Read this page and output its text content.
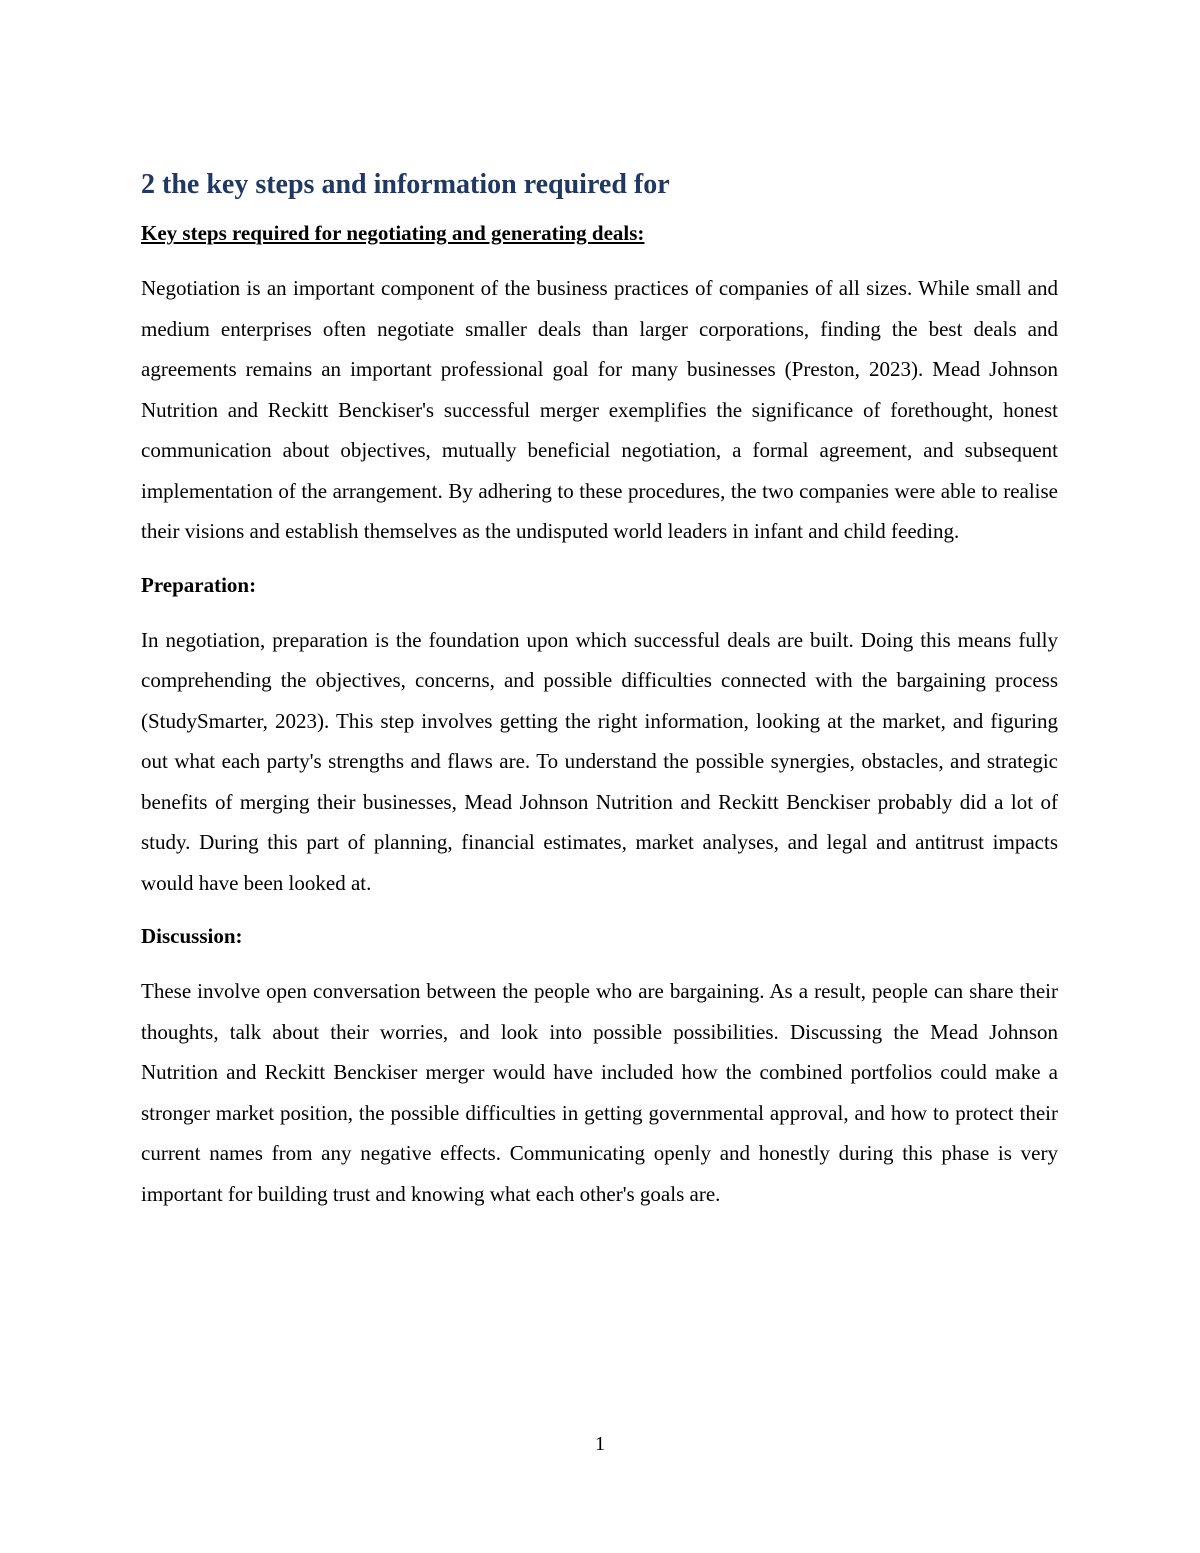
2 the key steps and information required for
Key steps required for negotiating and generating deals:

Negotiation is an important component of the business practices of companies of all sizes. While small and medium enterprises often negotiate smaller deals than larger corporations, finding the best deals and agreements remains an important professional goal for many businesses (Preston, 2023). Mead Johnson Nutrition and Reckitt Benckiser's successful merger exemplifies the significance of forethought, honest communication about objectives, mutually beneficial negotiation, a formal agreement, and subsequent implementation of the arrangement. By adhering to these procedures, the two companies were able to realise their visions and establish themselves as the undisputed world leaders in infant and child feeding.

Preparation:

In negotiation, preparation is the foundation upon which successful deals are built. Doing this means fully comprehending the objectives, concerns, and possible difficulties connected with the bargaining process (StudySmarter, 2023). This step involves getting the right information, looking at the market, and figuring out what each party's strengths and flaws are. To understand the possible synergies, obstacles, and strategic benefits of merging their businesses, Mead Johnson Nutrition and Reckitt Benckiser probably did a lot of study. During this part of planning, financial estimates, market analyses, and legal and antitrust impacts would have been looked at.

Discussion:

These involve open conversation between the people who are bargaining. As a result, people can share their thoughts, talk about their worries, and look into possible possibilities. Discussing the Mead Johnson Nutrition and Reckitt Benckiser merger would have included how the combined portfolios could make a stronger market position, the possible difficulties in getting governmental approval, and how to protect their current names from any negative effects. Communicating openly and honestly during this phase is very important for building trust and knowing what each other's goals are.

1
